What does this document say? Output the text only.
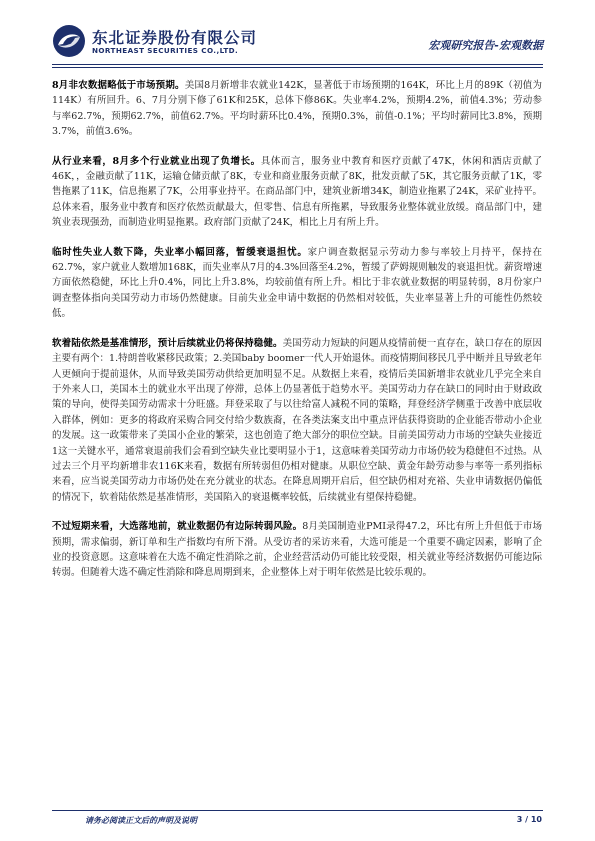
东北证券股份有限公司
NORTHEAST SECURITIES CO.,LTD.	宏观研究报告-宏观数据

8月非农数据略低于市场预期。美国8月新增非农就业142K，显著低于市场预期的164K，环比上月的89K（初值为114K）有所回升。6、7月分别下修了61K和25K，总体下修86K。失业率4.2%，预期4.2%，前值4.3%；劳动参与率62.7%，预期62.7%，前值62.7%。平均时薪环比0.4%，预期0.3%，前值-0.1%；平均时薪同比3.8%，预期3.7%，前值3.6%。

从行业来看，8月多个行业就业出现了负增长。具体而言，服务业中教育和医疗贡献了47K，休闲和酒店贡献了46K，，金融贡献了11K，运输仓储贡献了8K，专业和商业服务贡献了8K，批发贡献了5K，其它服务贡献了1K，零售拖累了11K，信息拖累了7K，公用事业持平。在商品部门中，建筑业新增34K，制造业拖累了24K，采矿业持平。总体来看，服务业中教育和医疗依然贡献最大，但零售、信息有所拖累，导致服务业整体就业放缓。商品部门中，建筑业表现强劲，而制造业明显拖累。政府部门贡献了24K，相比上月有所上升。

临时性失业人数下降，失业率小幅回落，暂缓衰退担忧。家户调查数据显示劳动力参与率较上月持平，保持在62.7%，家户就业人数增加168K，而失业率从7月的4.3%回落至4.2%，暂缓了萨姆规则触发的衰退担忧。薪资增速方面依然稳健，环比上升0.4%，同比上升3.8%，均较前值有所上升。相比于非农就业数据的明显转弱，8月份家户调查整体指向美国劳动力市场仍然健康。目前失业金申请中数据的仍然相对较低，失业率显著上升的可能性仍然较低。

软着陆依然是基准情形，预计后续就业仍将保持稳健。美国劳动力短缺的问题从疫情前便一直存在，缺口存在的原因主要有两个：1.特朗普收紧移民政策；2.美国baby boomer一代人开始退休。而疫情期间移民几乎中断并且导致老年人更倾向于提前退休，从而导致美国劳动供给更加明显不足。从数据上来看，疫情后美国新增非农就业几乎完全来自于外来人口，美国本土的就业水平出现了停滞，总体上仍显著低于趋势水平。美国劳动力存在缺口的同时由于财政政策的导向，使得美国劳动需求十分旺盛。拜登采取了与以往给富人减税不同的策略，拜登经济学侧重于改善中底层收入群体，例如：更多的将政府采购合同交付给少数族裔，在各类法案支出中重点评估获得资助的企业能否带动小企业的发展。这一政策带来了美国小企业的繁荣，这也创造了绝大部分的职位空缺。目前美国劳动力市场的空缺失业接近1这一关键水平，通常衰退前我们会看到空缺失业比要明显小于1，这意味着美国劳动力市场仍较为稳健但不过热。从过去三个月平均新增非农116K来看，数据有所转弱但仍相对健康。从职位空缺、黄金年龄劳动参与率等一系列指标来看，应当说美国劳动力市场仍处在充分就业的状态。在降息周期开启后，但空缺仍相对充裕、失业申请数据仍偏低的情况下，软着陆依然是基准情形，美国陷入的衰退概率较低，后续就业有望保持稳健。

不过短期来看，大选落地前，就业数据仍有边际转弱风险。8月美国制造业PMI录得47.2，环比有所上升但低于市场预期，需求偏弱，新订单和生产指数均有所下滑。从受访者的采访来看，大选可能是一个重要不确定因素，影响了企业的投资意愿。这意味着在大选不确定性消除之前，企业经营活动仍可能比较受限，相关就业等经济数据仍可能边际转弱。但随着大选不确定性消除和降息周期到来，企业整体上对于明年依然是比较乐观的。

请务必阅读正文后的声明及说明	3 / 10
